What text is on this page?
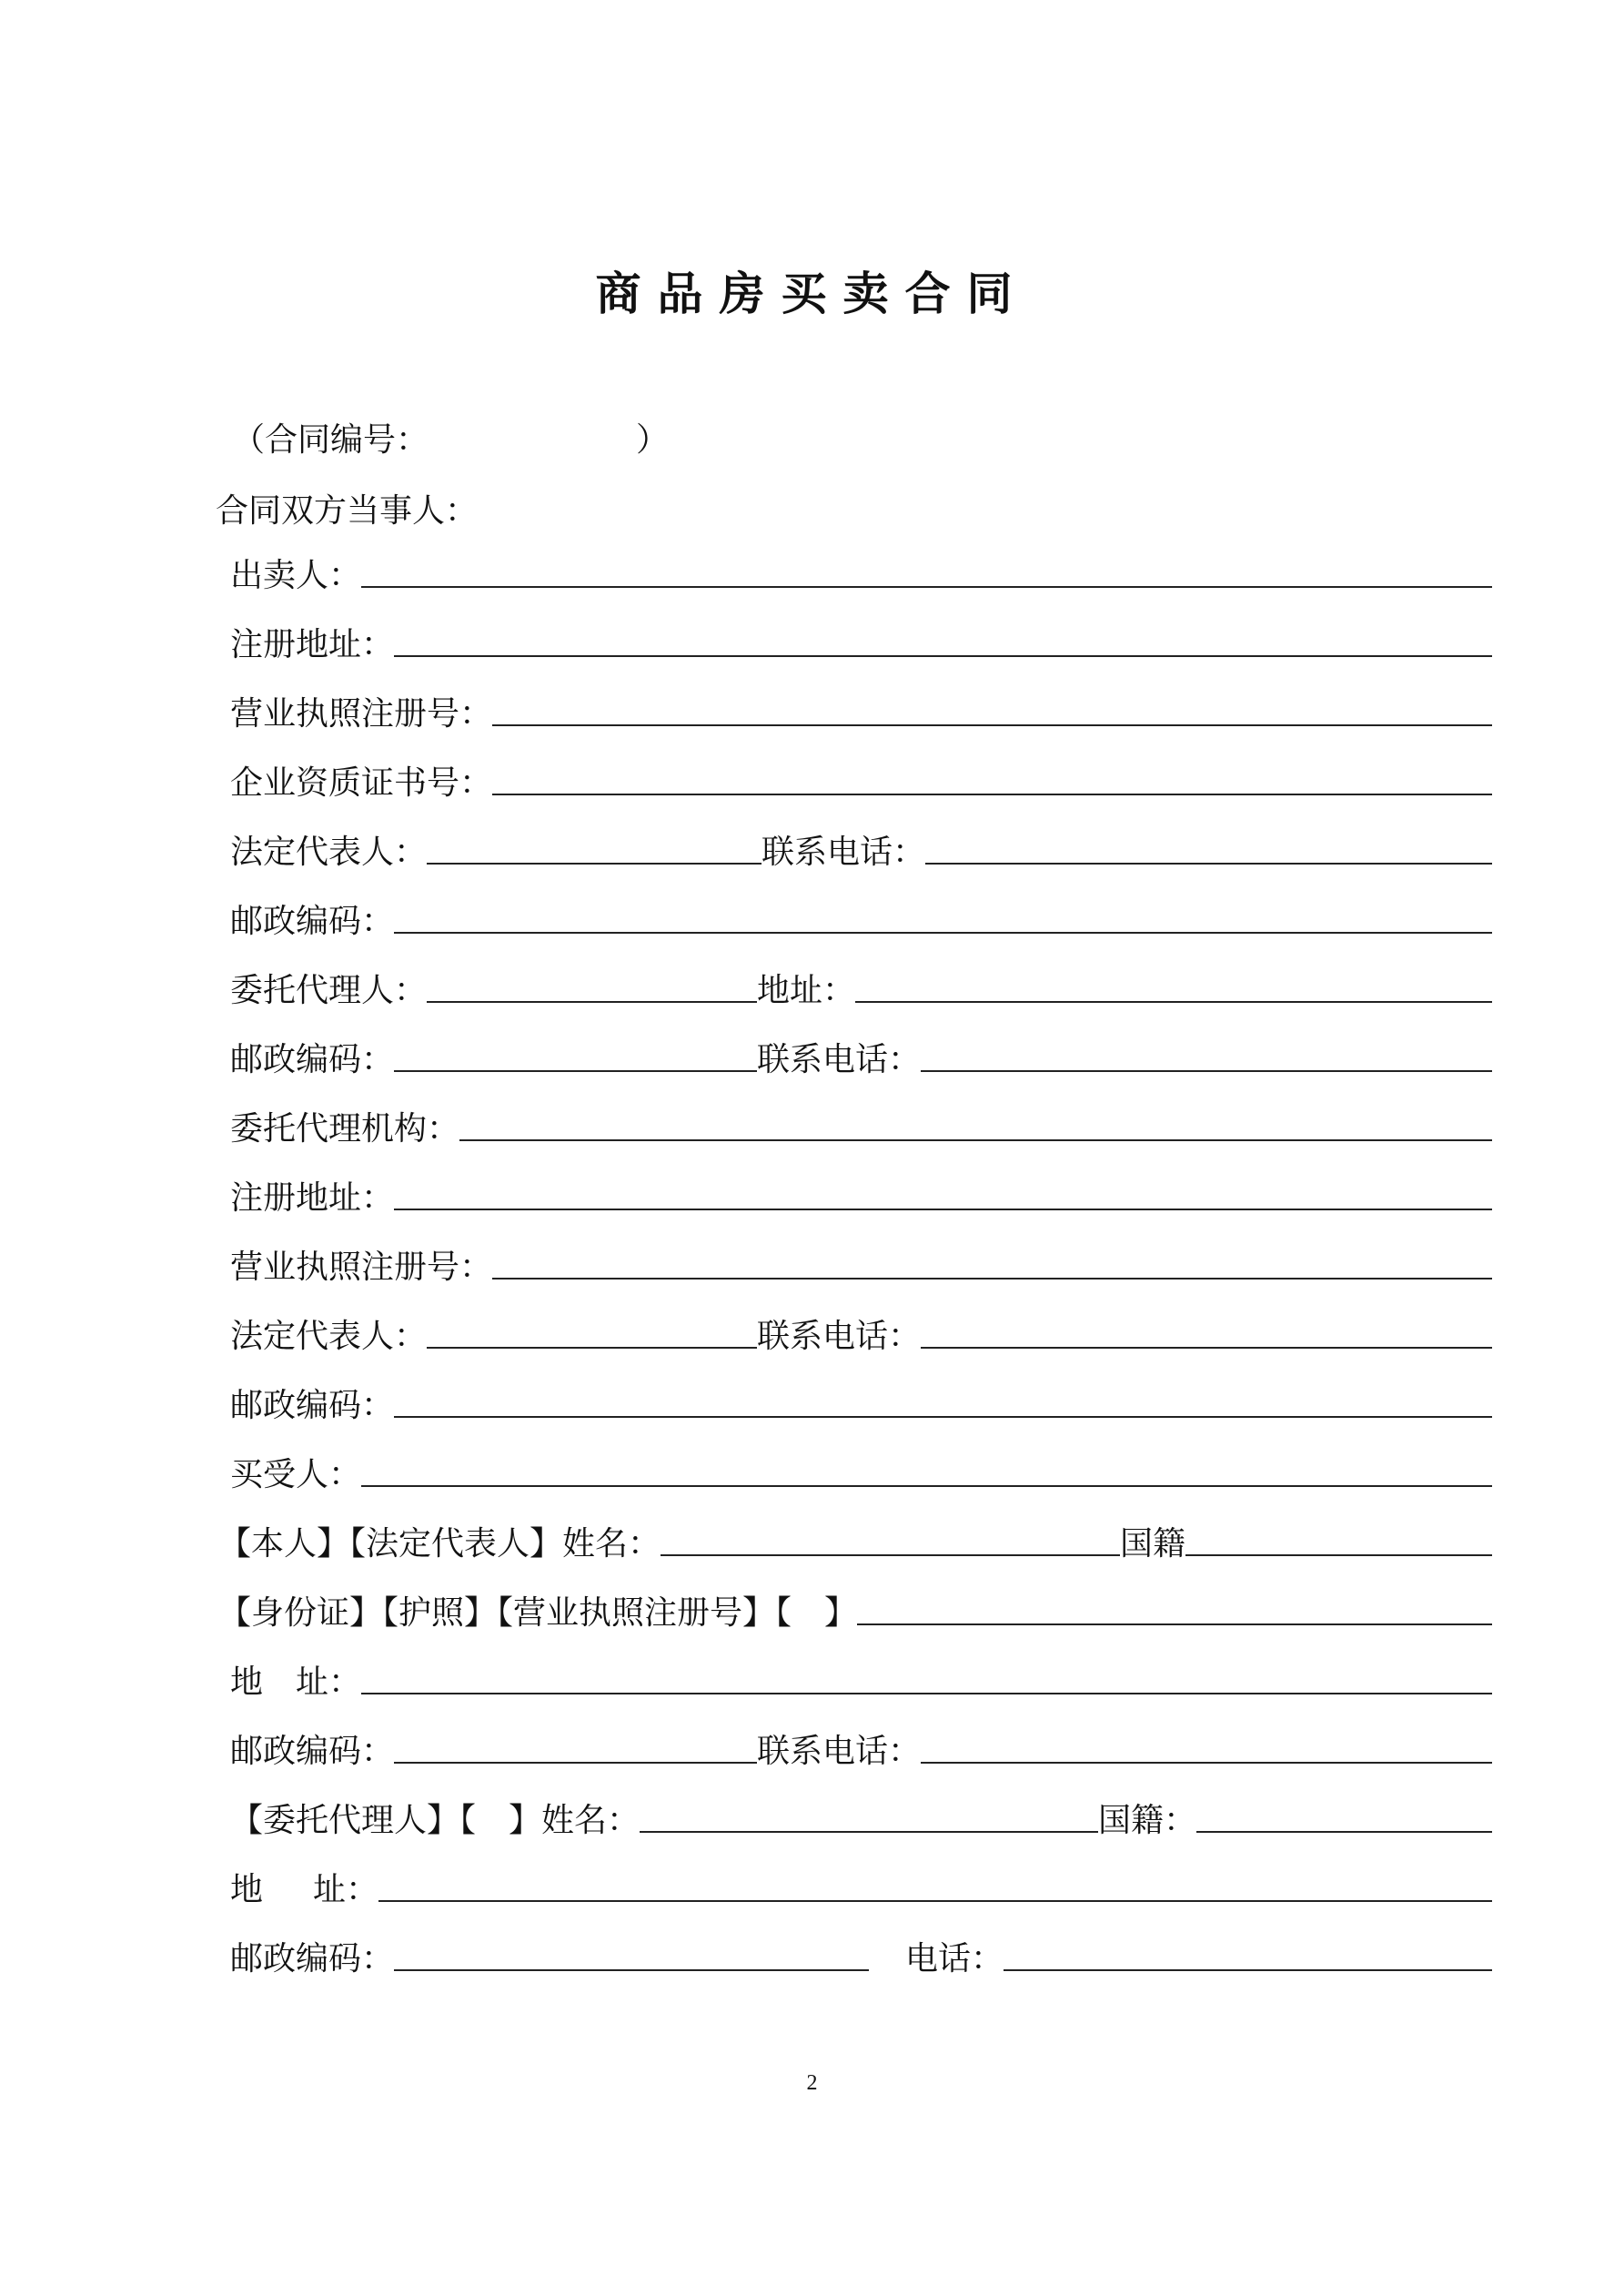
商品房买卖合同
（合同编号：	）
合同双方当事人：
出卖人：
注册地址：
营业执照注册号：
企业资质证书号：
法定代表人：	联系电话：
邮政编码：
委托代理人：	地址：
邮政编码：	联系电话：
委托代理机构：
注册地址：
营业执照注册号：
法定代表人：	联系电话：
邮政编码：
买受人：
【本人】【法定代表人】姓名：	国籍
【身份证】【护照】【营业执照注册号】【　】
地 址：
邮政编码：	联系电话：
【委托代理人】【　】姓名：	国籍：
地 址：
邮政编码：	电话：
2
